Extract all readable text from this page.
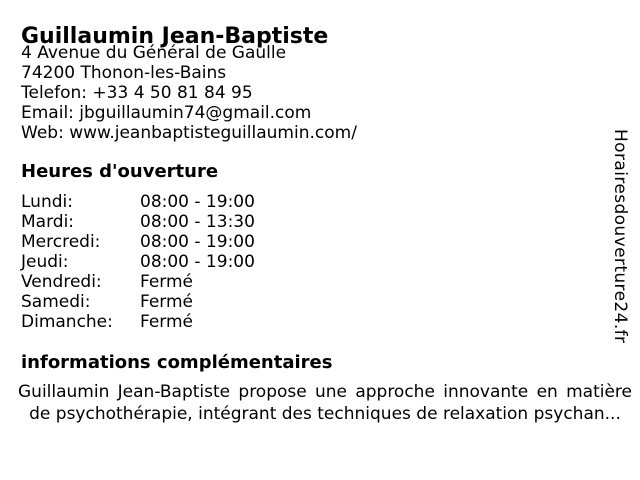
Guillaumin Jean-Baptiste
4 Avenue du Général de Gaulle
74200 Thonon-les-Bains
Telefon: +33 4 50 81 84 95
Email: jbguillaumin74@gmail.com
Web: www.jeanbaptisteguillaumin.com/
Heures d'ouverture
Lundi:	08:00 - 19:00
Mardi:	08:00 - 13:30
Mercredi:	08:00 - 19:00
Jeudi:	08:00 - 19:00
Vendredi:	Fermé
Samedi:	Fermé
Dimanche:	Fermé
informations complémentaires
Guillaumin Jean-Baptiste propose une approche innovante en matière
de psychothérapie, intégrant des techniques de relaxation psychan...
Horairesdouverture24.fr
